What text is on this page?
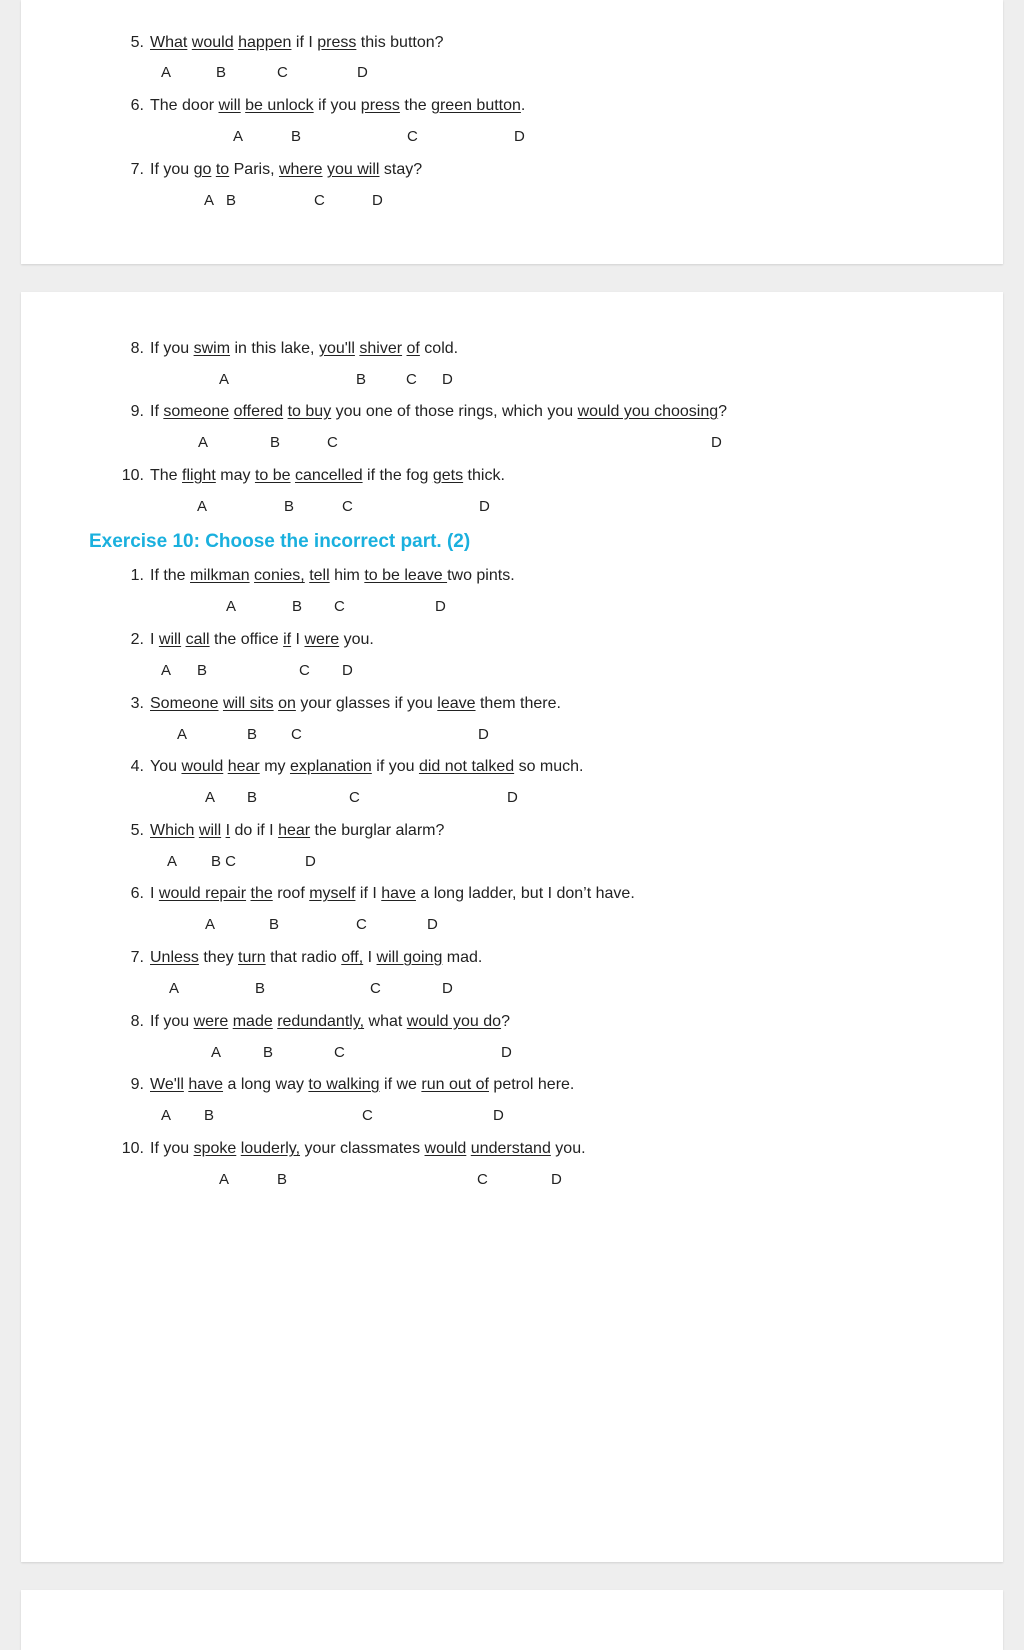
5. What would happen if I press this button?
A	B	C	D
6. The door will be unlock if you press the green button.
A	B	C	D
7. If you go to Paris, where you will stay?
A B	C	D
8. If you swim in this lake, you'll shiver of cold.
A	B	C D
9. If someone offered to buy you one of those rings, which you would you choosing?
A	B	C	D
10. The flight may to be cancelled if the fog gets thick.
A	B	C	D
Exercise 10: Choose the incorrect part. (2)
1. If the milkman conies, tell him to be leave two pints.
A	B C	D
2. I will call the office if I were you.
A B	C D
3. Someone will sits on your glasses if you leave them there.
A	B C	D
4. You would hear my explanation if you did not talked so much.
A B	C	D
5. Which will I do if I hear the burglar alarm?
A B C	D
6. I would repair the roof myself if I have a long ladder, but I don’t have.
A	B	C	D
7. Unless they turn that radio off, I will going mad.
A	B	C	D
8. If you were made redundantly, what would you do?
A	B	C	D
9. We'll have a long way to walking if we run out of petrol here.
A B	C	D
10. If you spoke louderly, your classmates would understand you.
A	B	C	D
